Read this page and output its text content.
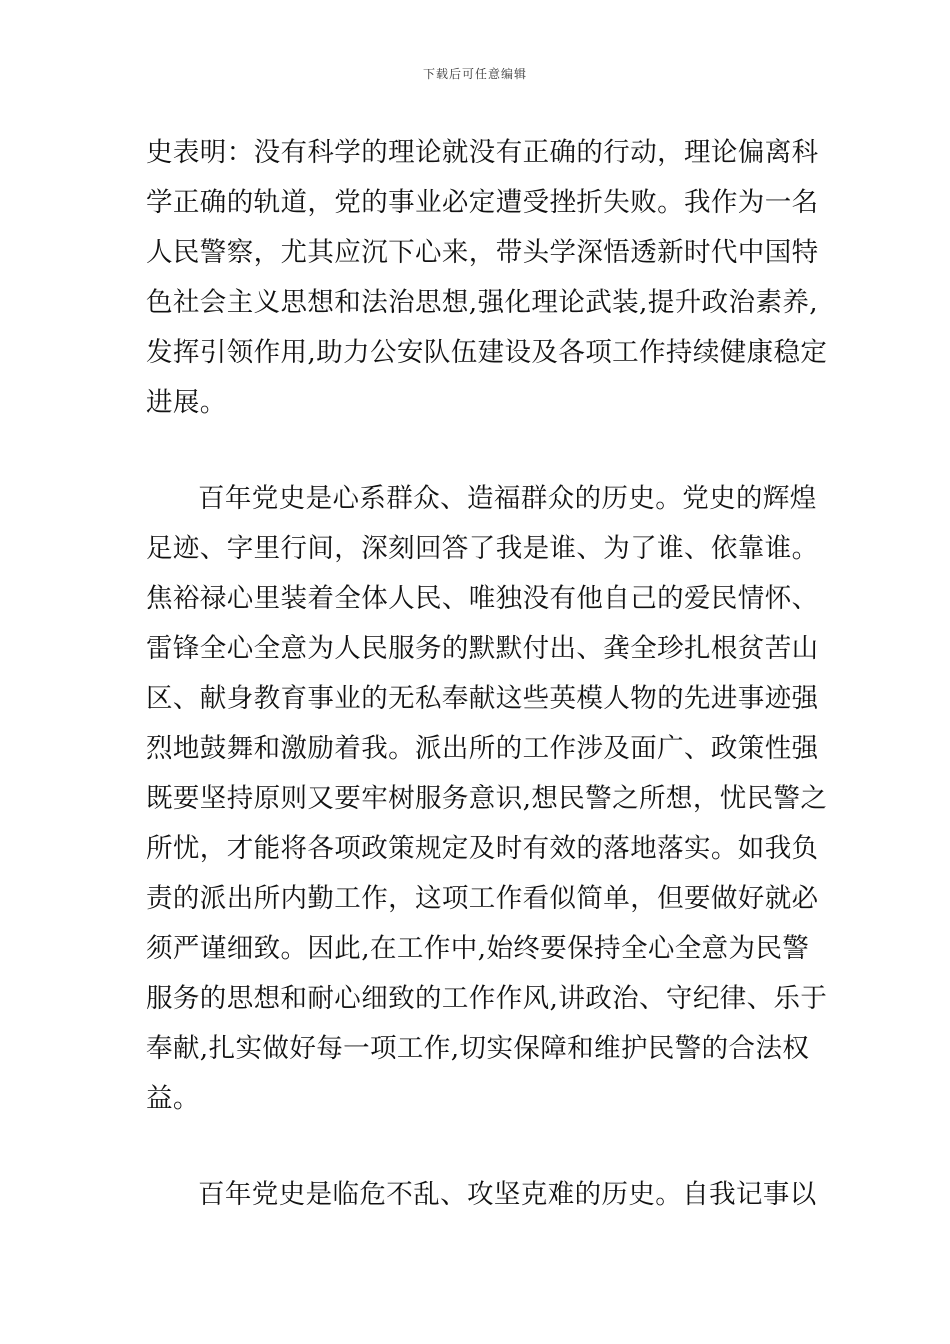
下载后可任意编辑
史表明：没有科学的理论就没有正确的行动，理论偏离科
学正确的轨道，党的事业必定遭受挫折失败。我作为一名
人民警察，尤其应沉下心来，带头学深悟透新时代中国特
色社会主义思想和法治思想,强化理论武装,提升政治素养,
发挥引领作用,助力公安队伍建设及各项工作持续健康稳定
进展。
百年党史是心系群众、造福群众的历史。党史的辉煌
足迹、字里行间，深刻回答了我是谁、为了谁、依靠谁。
焦裕禄心里装着全体人民、唯独没有他自己的爱民情怀、
雷锋全心全意为人民服务的默默付出、龚全珍扎根贫苦山
区、献身教育事业的无私奉献这些英模人物的先进事迹强
烈地鼓舞和激励着我。派出所的工作涉及面广、政策性强
既要坚持原则又要牢树服务意识,想民警之所想，忧民警之
所忧，才能将各项政策规定及时有效的落地落实。如我负
责的派出所内勤工作，这项工作看似简单，但要做好就必
须严谨细致。因此,在工作中,始终要保持全心全意为民警
服务的思想和耐心细致的工作作风,讲政治、守纪律、乐于
奉献,扎实做好每一项工作,切实保障和维护民警的合法权
益。
百年党史是临危不乱、攻坚克难的历史。自我记事以
